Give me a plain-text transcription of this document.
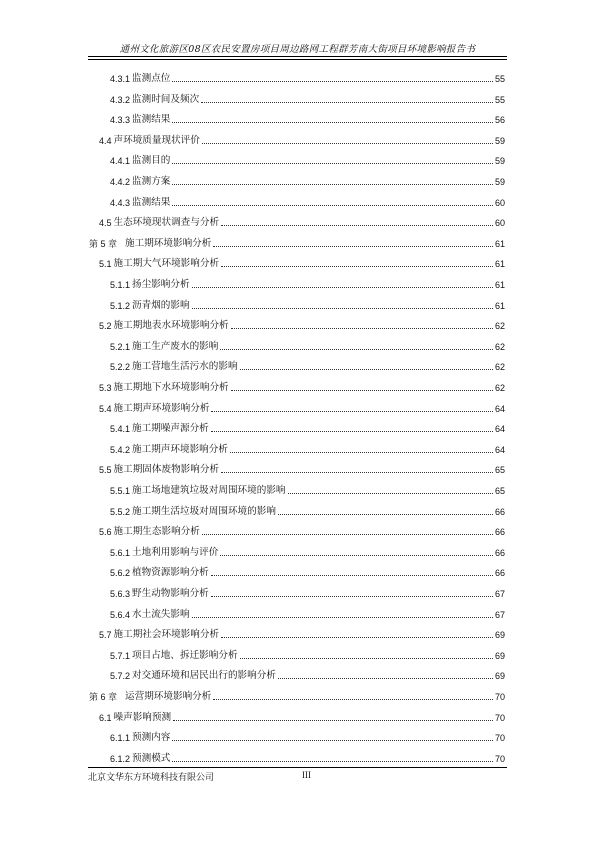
通州文化旅游区08区农民安置房项目周边路网工程群芳南大街项目环境影响报告书
4.3.1 监测点位	55
4.3.2 监测时间及频次	55
4.3.3 监测结果	56
4.4 声环境质量现状评价	59
4.4.1 监测目的	59
4.4.2 监测方案	59
4.4.3 监测结果	60
4.5 生态环境现状调查与分析	60
第 5 章 施工期环境影响分析	61
5.1 施工期大气环境影响分析	61
5.1.1 扬尘影响分析	61
5.1.2 沥青烟的影响	61
5.2 施工期地表水环境影响分析	62
5.2.1 施工生产废水的影响	62
5.2.2 施工营地生活污水的影响	62
5.3 施工期地下水环境影响分析	62
5.4 施工期声环境影响分析	64
5.4.1 施工期噪声源分析	64
5.4.2 施工期声环境影响分析	64
5.5 施工期固体废物影响分析	65
5.5.1 施工场地建筑垃圾对周围环境的影响	65
5.5.2 施工期生活垃圾对周围环境的影响	66
5.6 施工期生态影响分析	66
5.6.1 土地利用影响与评价	66
5.6.2 植物资源影响分析	66
5.6.3 野生动物影响分析	67
5.6.4 水土流失影响	67
5.7 施工期社会环境影响分析	69
5.7.1 项目占地、拆迁影响分析	69
5.7.2 对交通环境和居民出行的影响分析	69
第 6 章 运营期环境影响分析	70
6.1 噪声影响预测	70
6.1.1 预测内容	70
6.1.2 预测模式	70
北京文华东方环境科技有限公司	III
